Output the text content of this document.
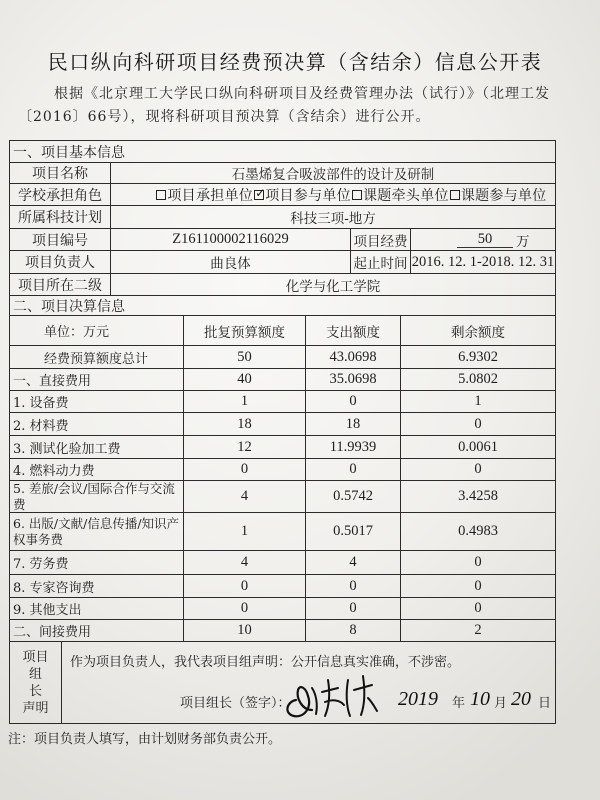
民口纵向科研项目经费预决算（含结余）信息公开表
根据《北京理工大学民口纵向科研项目及经费管理办法（试行）》（北理工发
〔2016〕66号），现将科研项目预决算（含结余）进行公开。
一、项目基本信息
项目名称	石墨烯复合吸波部件的设计及研制
学校承担角色	项目承担单位
✓ 项目参与单位 课题牵头单位 课题参与单位
所属科技计划	科技三项-地方
项目编号	Z161100002116029	项目经费	50	万
项目负责人	曲良体	起止时间 2016. 12. 1-2018. 12. 31
项目所在二级	化学与化工学院
二、项目决算信息
单位：万元	批复预算额度	支出额度	剩余额度
经费预算额度总计	50	43.0698	6.9302
一、直接费用	40	35.0698	5.0802
1. 设备费	1	0	1
2. 材料费	18	18	0
3. 测试化验加工费	12	11.9939	0.0061
4. 燃料动力费	0	0	0
5. 差旅/会议/国际合作与交流费	4	0.5742	3.4258
6. 出版/文献/信息传播/知识产权事务费	1	0.5017	0.4983
7. 劳务费	4	4	0
8. 专家咨询费	0	0	0
9. 其他支出	0	0	0
二、间接费用	10	8	2
项目
组
长
声明
作为项目负责人，我代表项目组声明：公开信息真实准确，不涉密。
项目组长（签字）：	2019 年 10 月 20 日
注：项目负责人填写，由计划财务部负责公开。
